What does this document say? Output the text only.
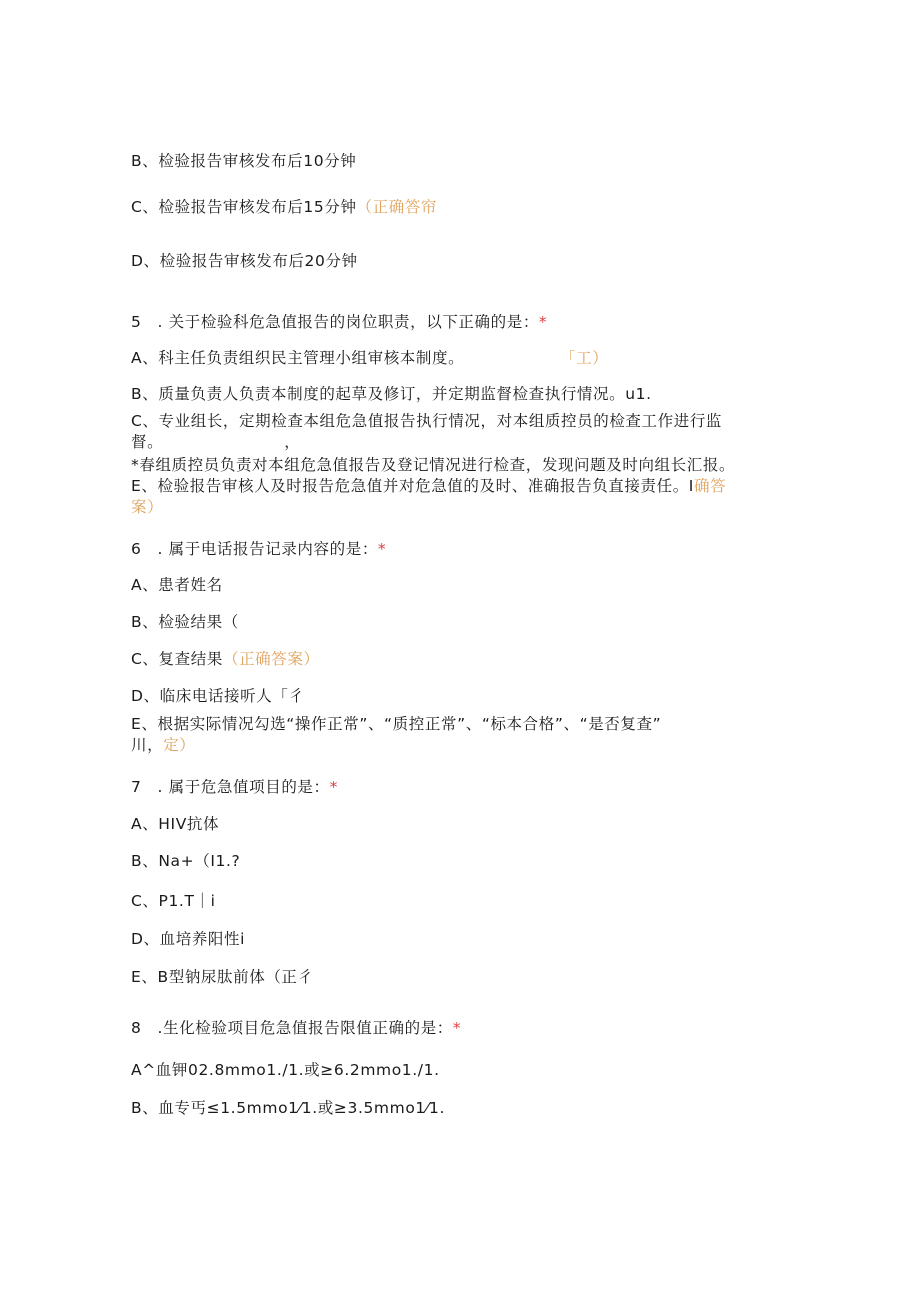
B、检验报告审核发布后10分钟
C、检验报告审核发布后15分钟（正确答帘
D、检验报告审核发布后20分钟
5　. 关于检验科危急值报告的岗位职责，以下正确的是：*
A、科主任负责组织民主管理小组审核本制度。	「工）
B、质量负责人负责本制度的起草及修订，并定期监督检查执行情况。u1.
C、专业组长，定期检查本组危急值报告执行情况，对本组质控员的检查工作进行监
督。　　　　　　　　，
*春组质控员负责对本组危急值报告及登记情况进行检查，发现问题及时向组长汇报。
E、检验报告审核人及时报告危急值并对危急值的及时、准确报告负直接责任。I确答
案）
6　. 属于电话报告记录内容的是：*
A、患者姓名
B、检验结果（
C、复查结果（正确答案）
D、临床电话接听人「彳
E、根据实际情况勾选“操作正常”、“质控正常”、“标本合格”、“是否复查”
川，定）
7　. 属于危急值项目的是：*
A、HIV抗体
B、Na+（I1.?
C、P1.T｜i
D、血培养阳性i
E、B型钠尿肽前体（正彳
8　.生化检验项目危急值报告限值正确的是：*
A^血钾02.8mmo1./1.或≥6.2mmo1./1.
B、血专丐≤1.5mmo1⁄1.或≥3.5mmo1⁄1.
